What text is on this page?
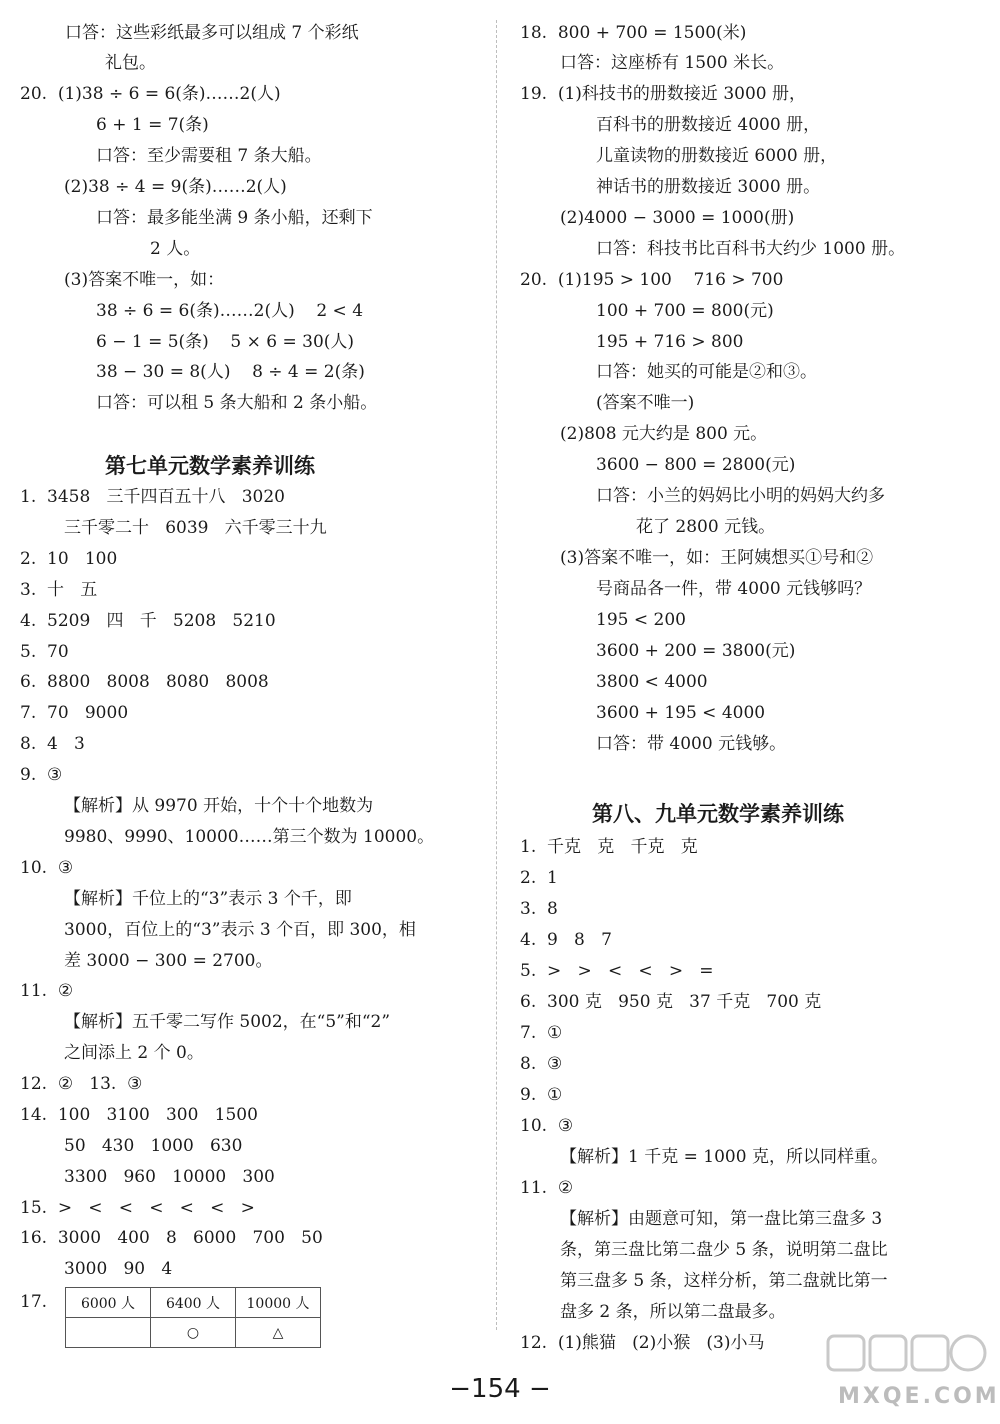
口答：这些彩纸最多可以组成 7 个彩纸
礼包。
20.  (1)38 ÷ 6 = 6(条)……2(人)
6 + 1 = 7(条)
口答：至少需要租 7 条大船。
(2)38 ÷ 4 = 9(条)……2(人)
口答：最多能坐满 9 条小船，还剩下
2 人。
(3)答案不唯一，如：
38 ÷ 6 = 6(条)……2(人)    2 < 4
6 − 1 = 5(条)    5 × 6 = 30(人)
38 − 30 = 8(人)    8 ÷ 4 = 2(条)
口答：可以租 5 条大船和 2 条小船。
第七单元数学素养训练
1.  3458   三千四百五十八   3020
三千零二十   6039   六千零三十九
2.  10   100
3.  十   五
4.  5209   四   千   5208   5210
5.  70
6.  8800   8008   8080   8008
7.  70   9000
8.  4   3
9.  ③
【解析】从 9970 开始，十个十个地数为
9980、9990、10000……第三个数为 10000。
10.  ③
【解析】千位上的“3”表示 3 个千，即
3000，百位上的“3”表示 3 个百，即 300，相
差 3000 − 300 = 2700。
11.  ②
【解析】五千零二写作 5002，在“5”和“2”
之间添上 2 个 0。
12.  ②   13.  ③
14.  100   3100   300   1500
50   430   1000   630
3300   960   10000   300
15.  >   <   <   <   <   <   >
16.  3000   400   8   6000   700   50
3000   90   4
17. 6000 人	6400 人	10000 人
	○	△
18.  800 + 700 = 1500(米)
口答：这座桥有 1500 米长。
19.  (1)科技书的册数接近 3000 册，
百科书的册数接近 4000 册，
儿童读物的册数接近 6000 册，
神话书的册数接近 3000 册。
(2)4000 − 3000 = 1000(册)
口答：科技书比百科书大约少 1000 册。
20.  (1)195 > 100    716 > 700
100 + 700 = 800(元)
195 + 716 > 800
口答：她买的可能是②和③。
(答案不唯一)
(2)808 元大约是 800 元。
3600 − 800 = 2800(元)
口答：小兰的妈妈比小明的妈妈大约多
花了 2800 元钱。
(3)答案不唯一，如：王阿姨想买①号和②
号商品各一件，带 4000 元钱够吗？
195 < 200
3600 + 200 = 3800(元)
3800 < 4000
3600 + 195 < 4000
口答：带 4000 元钱够。
第八、九单元数学素养训练
1.  千克   克   千克   克
2.  1
3.  8
4.  9   8   7
5.  >   >   <   <   >   =
6.  300 克   950 克   37 千克   700 克
7.  ①
8.  ③
9.  ①
10.  ③
【解析】1 千克 = 1000 克，所以同样重。
11.  ②
【解析】由题意可知，第一盘比第三盘多 3
条，第三盘比第二盘少 5 条，说明第二盘比
第三盘多 5 条，这样分析，第二盘就比第一
盘多 2 条，所以第二盘最多。
12.  (1)熊猫   (2)小猴   (3)小马
MXQE.COM
−154 −
